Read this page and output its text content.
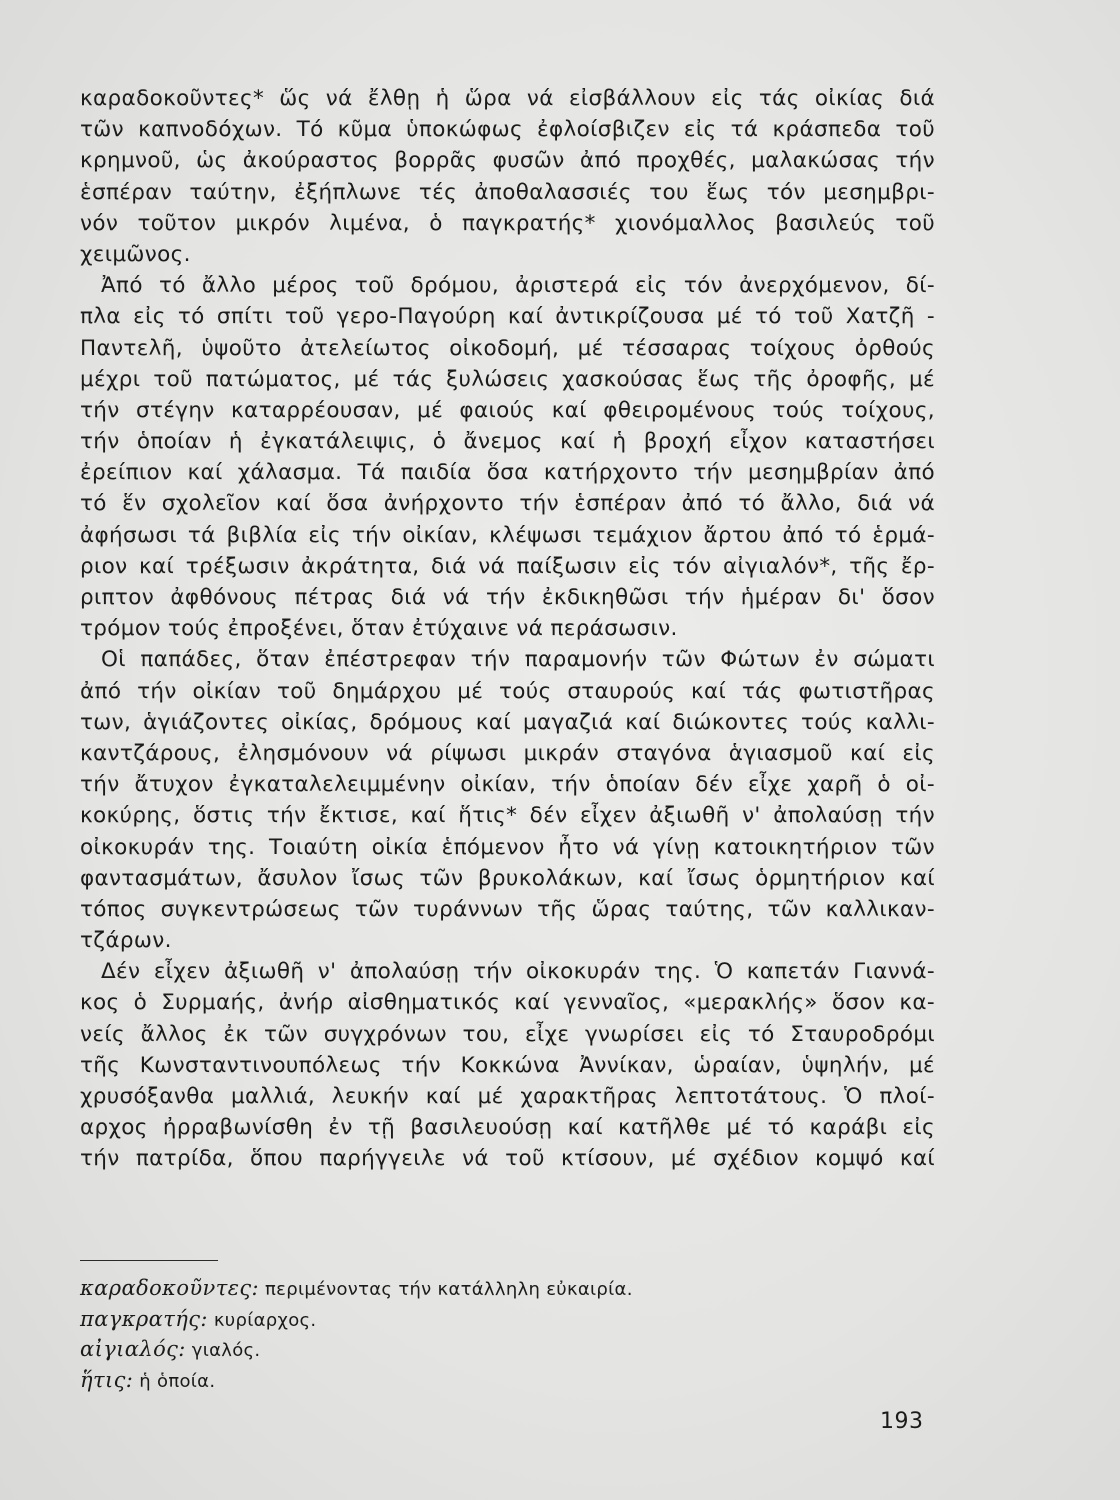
καραδοκοῦντες* ὥς νά ἔλθῃ ἡ ὥρα νά εἰσβάλλουν εἰς τάς οἰκίας διά
τῶν καπνοδόχων. Τό κῦμα ὑποκώφως ἐφλοίσβιζεν εἰς τά κράσπεδα τοῦ
κρημνοῦ, ὡς ἀκούραστος βορρᾶς φυσῶν ἀπό προχθές, μαλακώσας τήν
ἑσπέραν ταύτην, ἐξήπλωνε τές ἀποθαλασσιές του ἕως τόν μεσημβρι-
νόν τοῦτον μικρόν λιμένα, ὁ παγκρατής* χιονόμαλλος βασιλεύς τοῦ
χειμῶνος.
Ἀπό τό ἄλλο μέρος τοῦ δρόμου, ἀριστερά εἰς τόν ἀνερχόμενον, δί-
πλα εἰς τό σπίτι τοῦ γερο-Παγούρη καί ἀντικρίζουσα μέ τό τοῦ Χατζῆ -
Παντελῆ, ὑψοῦτο ἀτελείωτος οἰκοδομή, μέ τέσσαρας τοίχους ὀρθούς
μέχρι τοῦ πατώματος, μέ τάς ξυλώσεις χασκούσας ἕως τῆς ὀροφῆς, μέ
τήν στέγην καταρρέουσαν, μέ φαιούς καί φθειρομένους τούς τοίχους,
τήν ὁποίαν ἡ ἐγκατάλειψις, ὁ ἄνεμος καί ἡ βροχή εἶχον καταστήσει
ἐρείπιον καί χάλασμα. Τά παιδία ὅσα κατήρχοντο τήν μεσημβρίαν ἀπό
τό ἕν σχολεῖον καί ὅσα ἀνήρχοντο τήν ἑσπέραν ἀπό τό ἄλλο, διά νά
ἀφήσωσι τά βιβλία εἰς τήν οἰκίαν, κλέψωσι τεμάχιον ἄρτου ἀπό τό ἑρμά-
ριον καί τρέξωσιν ἀκράτητα, διά νά παίξωσιν εἰς τόν αἰγιαλόν*, τῆς ἔρ-
ριπτον ἀφθόνους πέτρας διά νά τήν ἐκδικηθῶσι τήν ἡμέραν δι' ὅσον
τρόμον τούς ἐπροξένει, ὅταν ἐτύχαινε νά περάσωσιν.
Οἱ παπάδες, ὅταν ἐπέστρεφαν τήν παραμονήν τῶν Φώτων ἐν σώματι
ἀπό τήν οἰκίαν τοῦ δημάρχου μέ τούς σταυρούς καί τάς φωτιστῆρας
των, ἁγιάζοντες οἰκίας, δρόμους καί μαγαζιά καί διώκοντες τούς καλλι-
καντζάρους, ἐλησμόνουν νά ρίψωσι μικράν σταγόνα ἁγιασμοῦ καί εἰς
τήν ἄτυχον ἐγκαταλελειμμένην οἰκίαν, τήν ὁποίαν δέν εἶχε χαρῆ ὁ οἰ-
κοκύρης, ὅστις τήν ἔκτισε, καί ἥτις* δέν εἶχεν ἀξιωθῆ ν' ἀπολαύσῃ τήν
οἰκοκυράν της. Τοιαύτη οἰκία ἑπόμενον ἦτο νά γίνῃ κατοικητήριον τῶν
φαντασμάτων, ἄσυλον ἴσως τῶν βρυκολάκων, καί ἴσως ὁρμητήριον καί
τόπος συγκεντρώσεως τῶν τυράννων τῆς ὥρας ταύτης, τῶν καλλικαν-
τζάρων.
Δέν εἶχεν ἀξιωθῆ ν' ἀπολαύσῃ τήν οἰκοκυράν της. Ὁ καπετάν Γιαννά-
κος ὁ Συρμαής, ἀνήρ αἰσθηματικός καί γενναῖος, «μερακλής» ὅσον κα-
νείς ἄλλος ἐκ τῶν συγχρόνων του, εἶχε γνωρίσει εἰς τό Σταυροδρόμι
τῆς Κωνσταντινουπόλεως τήν Κοκκώνα Ἀννίκαν, ὡραίαν, ὑψηλήν, μέ
χρυσόξανθα μαλλιά, λευκήν καί μέ χαρακτῆρας λεπτοτάτους. Ὁ πλοί-
αρχος ἠρραβωνίσθη ἐν τῇ βασιλευούσῃ καί κατῆλθε μέ τό καράβι εἰς
τήν πατρίδα, ὅπου παρήγγειλε νά τοῦ κτίσουν, μέ σχέδιον κομψό καί
καραδοκοῦντες: περιμένοντας τήν κατάλληλη εὐκαιρία.
παγκρατής: κυρίαρχος.
αἰγιαλός: γιαλός.
ἥτις: ἡ ὁποία.
193
